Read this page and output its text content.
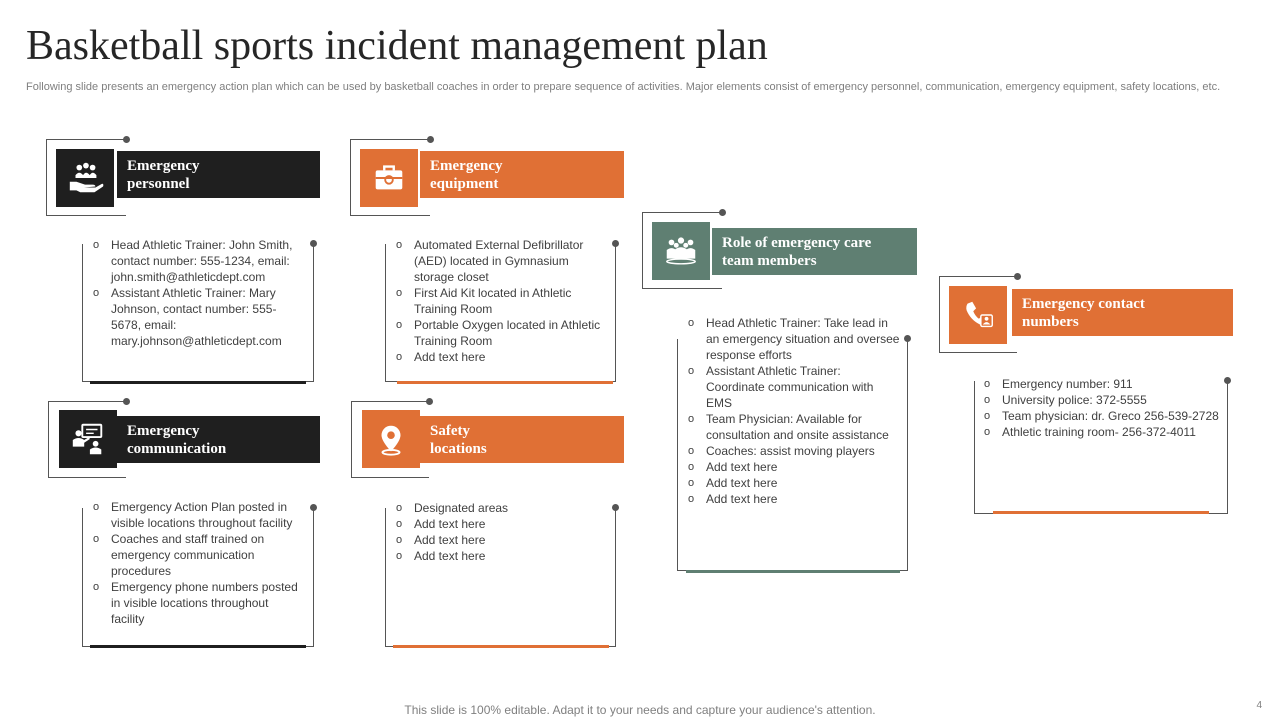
Basketball sports incident management plan
Following slide presents an emergency action plan which can be used by basketball coaches in order to prepare sequence of activities. Major elements consist of emergency personnel, communication, emergency equipment, safety locations, etc.
Emergency personnel
o Head Athletic Trainer: John Smith, contact number: 555-1234, email: john.smith@athleticdept.com
o Assistant Athletic Trainer: Mary Johnson, contact number: 555-5678, email: mary.johnson@athleticdept.com
Emergency equipment
o Automated External Defibrillator (AED) located in Gymnasium storage closet
o First Aid Kit located in Athletic Training Room
o Portable Oxygen located in Athletic Training Room
o Add text here
Role of emergency care team members
o Head Athletic Trainer: Take lead in an emergency situation and oversee response efforts
o Assistant Athletic Trainer: Coordinate communication with EMS
o Team Physician: Available for consultation and onsite assistance
o Coaches: assist moving players
o Add text here
o Add text here
o Add text here
Emergency contact numbers
o Emergency number: 911
o University police: 372-5555
o Team physician: dr. Greco 256-539-2728
o Athletic training room- 256-372-4011
Emergency communication
o Emergency Action Plan posted in visible locations throughout facility
o Coaches and staff trained on emergency communication procedures
o Emergency phone numbers posted in visible locations throughout facility
Safety locations
o Designated areas
o Add text here
o Add text here
o Add text here
This slide is 100% editable. Adapt it to your needs and capture your audience's attention.	4
